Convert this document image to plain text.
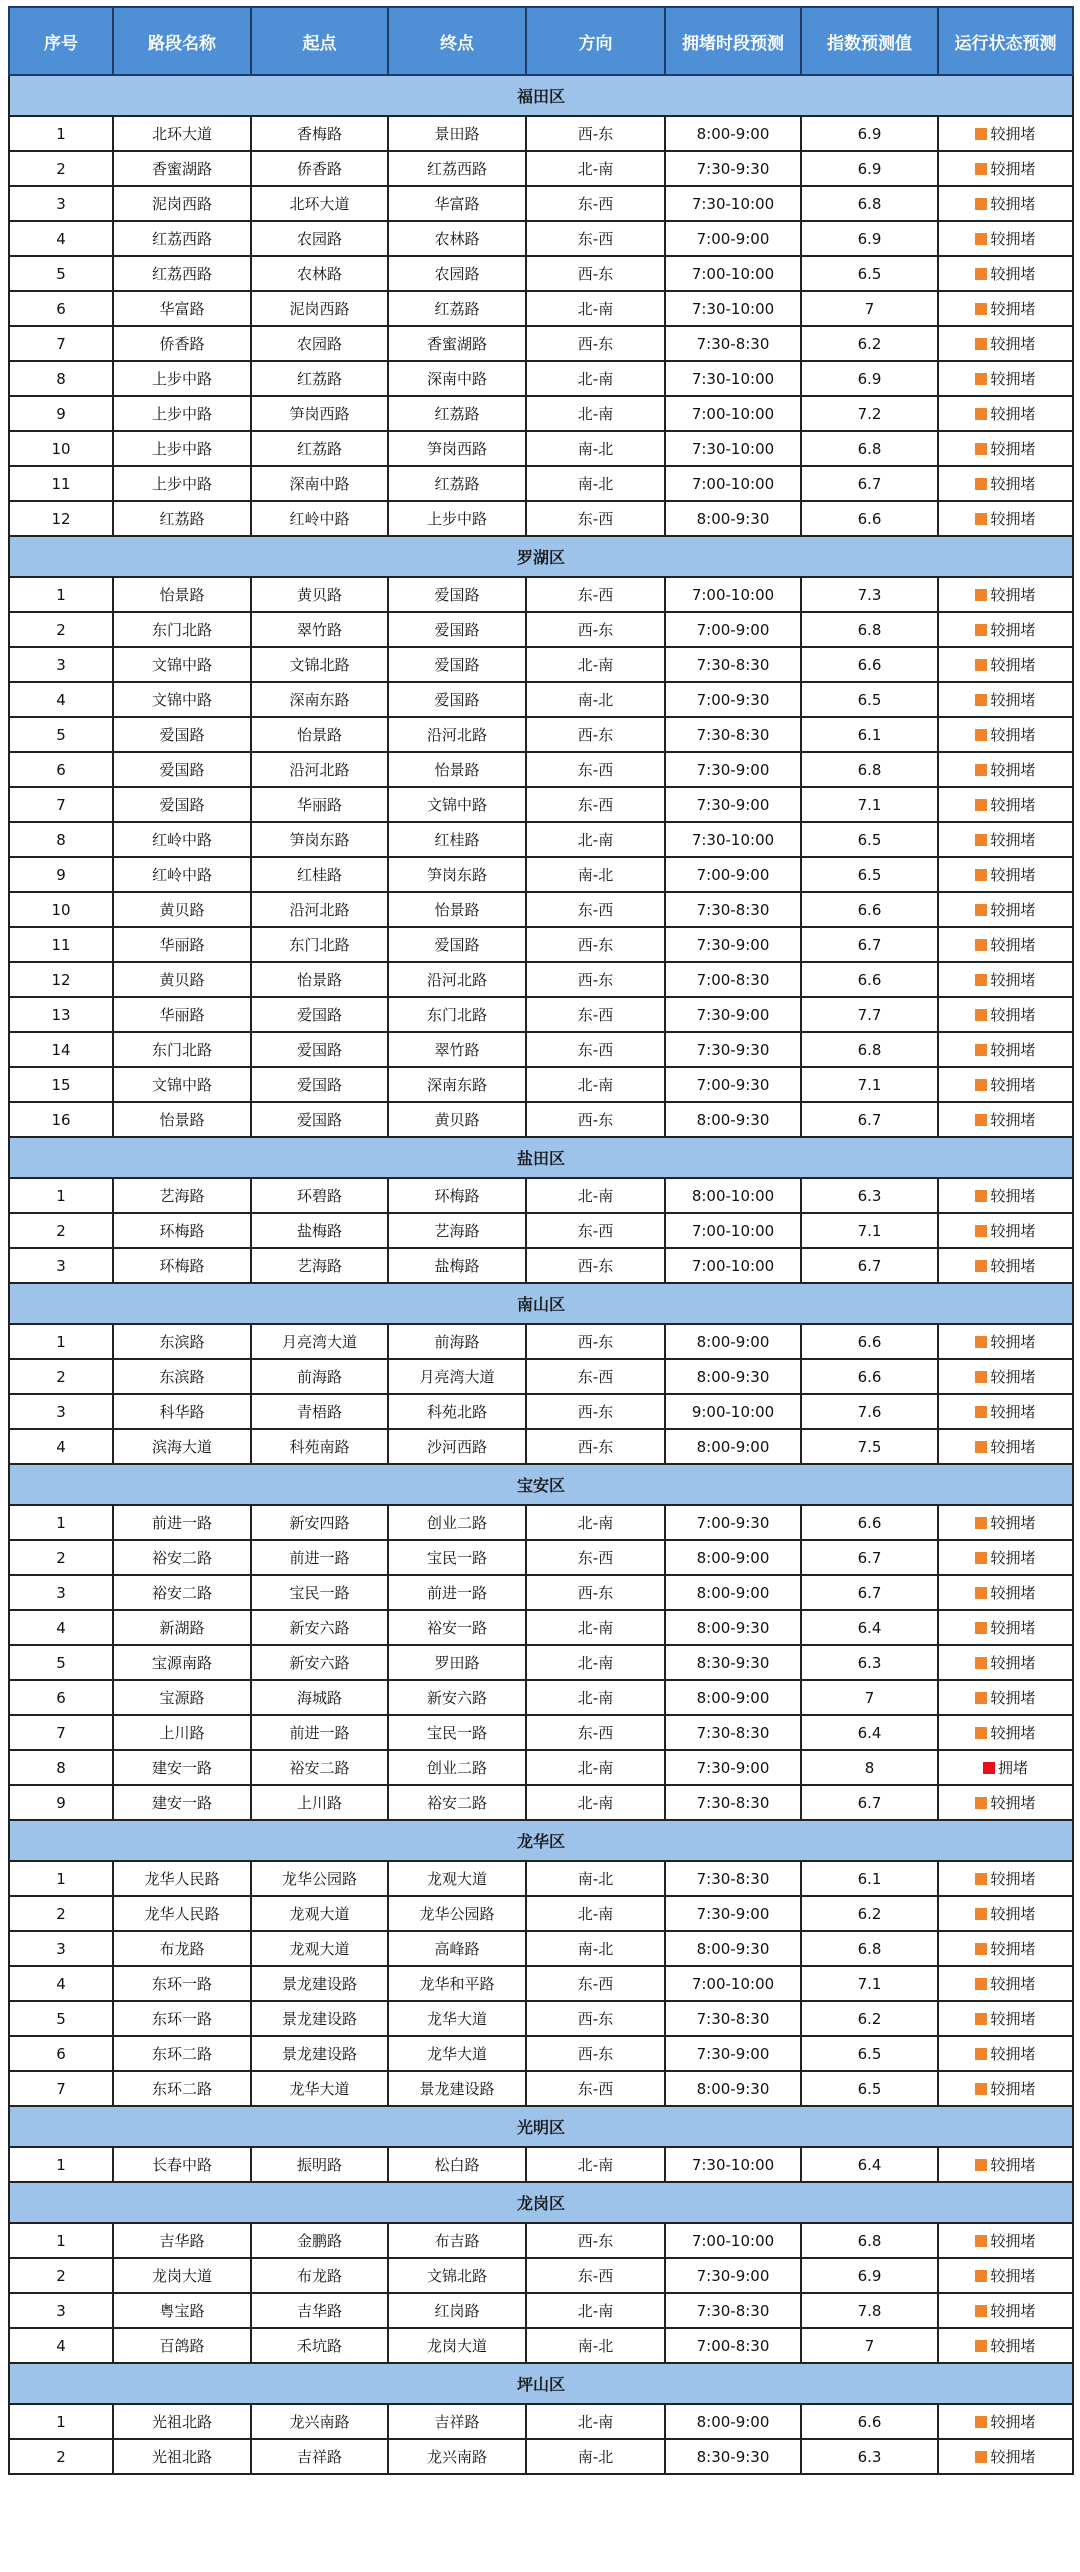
序号	路段名称	起点	终点	方向	拥堵时段预测	指数预测值	运行状态预测
福田区							
1	北环大道	香梅路	景田路	西-东	8:00-9:00	6.9	较拥堵

2	香蜜湖路	侨香路	红荔西路	北-南	7:30-9:30	6.9	较拥堵

3	泥岗西路	北环大道	华富路	东-西	7:30-10:00	6.8	较拥堵

4	红荔西路	农园路	农林路	东-西	7:00-9:00	6.9	较拥堵

5	红荔西路	农林路	农园路	西-东	7:00-10:00	6.5	较拥堵

6	华富路	泥岗西路	红荔路	北-南	7:30-10:00	7	较拥堵

7	侨香路	农园路	香蜜湖路	西-东	7:30-8:30	6.2	较拥堵

8	上步中路	红荔路	深南中路	北-南	7:30-10:00	6.9	较拥堵

9	上步中路	笋岗西路	红荔路	北-南	7:00-10:00	7.2	较拥堵

10	上步中路	红荔路	笋岗西路	南-北	7:30-10:00	6.8	较拥堵

11	上步中路	深南中路	红荔路	南-北	7:00-10:00	6.7	较拥堵

12	红荔路	红岭中路	上步中路	东-西	8:00-9:30	6.6	较拥堵

罗湖区							
1	怡景路	黄贝路	爱国路	东-西	7:00-10:00	7.3	较拥堵

2	东门北路	翠竹路	爱国路	西-东	7:00-9:00	6.8	较拥堵

3	文锦中路	文锦北路	爱国路	北-南	7:30-8:30	6.6	较拥堵

4	文锦中路	深南东路	爱国路	南-北	7:00-9:30	6.5	较拥堵

5	爱国路	怡景路	沿河北路	西-东	7:30-8:30	6.1	较拥堵

6	爱国路	沿河北路	怡景路	东-西	7:30-9:00	6.8	较拥堵

7	爱国路	华丽路	文锦中路	东-西	7:30-9:00	7.1	较拥堵

8	红岭中路	笋岗东路	红桂路	北-南	7:30-10:00	6.5	较拥堵

9	红岭中路	红桂路	笋岗东路	南-北	7:00-9:00	6.5	较拥堵

10	黄贝路	沿河北路	怡景路	东-西	7:30-8:30	6.6	较拥堵

11	华丽路	东门北路	爱国路	西-东	7:30-9:00	6.7	较拥堵

12	黄贝路	怡景路	沿河北路	西-东	7:00-8:30	6.6	较拥堵

13	华丽路	爱国路	东门北路	东-西	7:30-9:00	7.7	较拥堵

14	东门北路	爱国路	翠竹路	东-西	7:30-9:30	6.8	较拥堵

15	文锦中路	爱国路	深南东路	北-南	7:00-9:30	7.1	较拥堵

16	怡景路	爱国路	黄贝路	西-东	8:00-9:30	6.7	较拥堵

盐田区							
1	艺海路	环碧路	环梅路	北-南	8:00-10:00	6.3	较拥堵

2	环梅路	盐梅路	艺海路	东-西	7:00-10:00	7.1	较拥堵

3	环梅路	艺海路	盐梅路	西-东	7:00-10:00	6.7	较拥堵

南山区							
1	东滨路	月亮湾大道	前海路	西-东	8:00-9:00	6.6	较拥堵

2	东滨路	前海路	月亮湾大道	东-西	8:00-9:30	6.6	较拥堵

3	科华路	青梧路	科苑北路	西-东	9:00-10:00	7.6	较拥堵

4	滨海大道	科苑南路	沙河西路	西-东	8:00-9:00	7.5	较拥堵

宝安区							
1	前进一路	新安四路	创业二路	北-南	7:00-9:30	6.6	较拥堵

2	裕安二路	前进一路	宝民一路	东-西	8:00-9:00	6.7	较拥堵

3	裕安二路	宝民一路	前进一路	西-东	8:00-9:00	6.7	较拥堵

4	新湖路	新安六路	裕安一路	北-南	8:00-9:30	6.4	较拥堵

5	宝源南路	新安六路	罗田路	北-南	8:30-9:30	6.3	较拥堵

6	宝源路	海城路	新安六路	北-南	8:00-9:00	7	较拥堵

7	上川路	前进一路	宝民一路	东-西	7:30-8:30	6.4	较拥堵

8	建安一路	裕安二路	创业二路	北-南	7:30-9:00	8	拥堵

9	建安一路	上川路	裕安二路	北-南	7:30-8:30	6.7	较拥堵

龙华区							
1	龙华人民路	龙华公园路	龙观大道	南-北	7:30-8:30	6.1	较拥堵

2	龙华人民路	龙观大道	龙华公园路	北-南	7:30-9:00	6.2	较拥堵

3	布龙路	龙观大道	高峰路	南-北	8:00-9:30	6.8	较拥堵

4	东环一路	景龙建设路	龙华和平路	东-西	7:00-10:00	7.1	较拥堵

5	东环一路	景龙建设路	龙华大道	西-东	7:30-8:30	6.2	较拥堵

6	东环二路	景龙建设路	龙华大道	西-东	7:30-9:00	6.5	较拥堵

7	东环二路	龙华大道	景龙建设路	东-西	8:00-9:30	6.5	较拥堵

光明区							
1	长春中路	振明路	松白路	北-南	7:30-10:00	6.4	较拥堵

龙岗区							
1	吉华路	金鹏路	布吉路	西-东	7:00-10:00	6.8	较拥堵

2	龙岗大道	布龙路	文锦北路	东-西	7:30-9:00	6.9	较拥堵

3	粤宝路	吉华路	红岗路	北-南	7:30-8:30	7.8	较拥堵

4	百鸽路	禾坑路	龙岗大道	南-北	7:00-8:30	7	较拥堵

坪山区							
1	光祖北路	龙兴南路	吉祥路	北-南	8:00-9:00	6.6	较拥堵

2	光祖北路	吉祥路	龙兴南路	南-北	8:30-9:30	6.3	较拥堵
